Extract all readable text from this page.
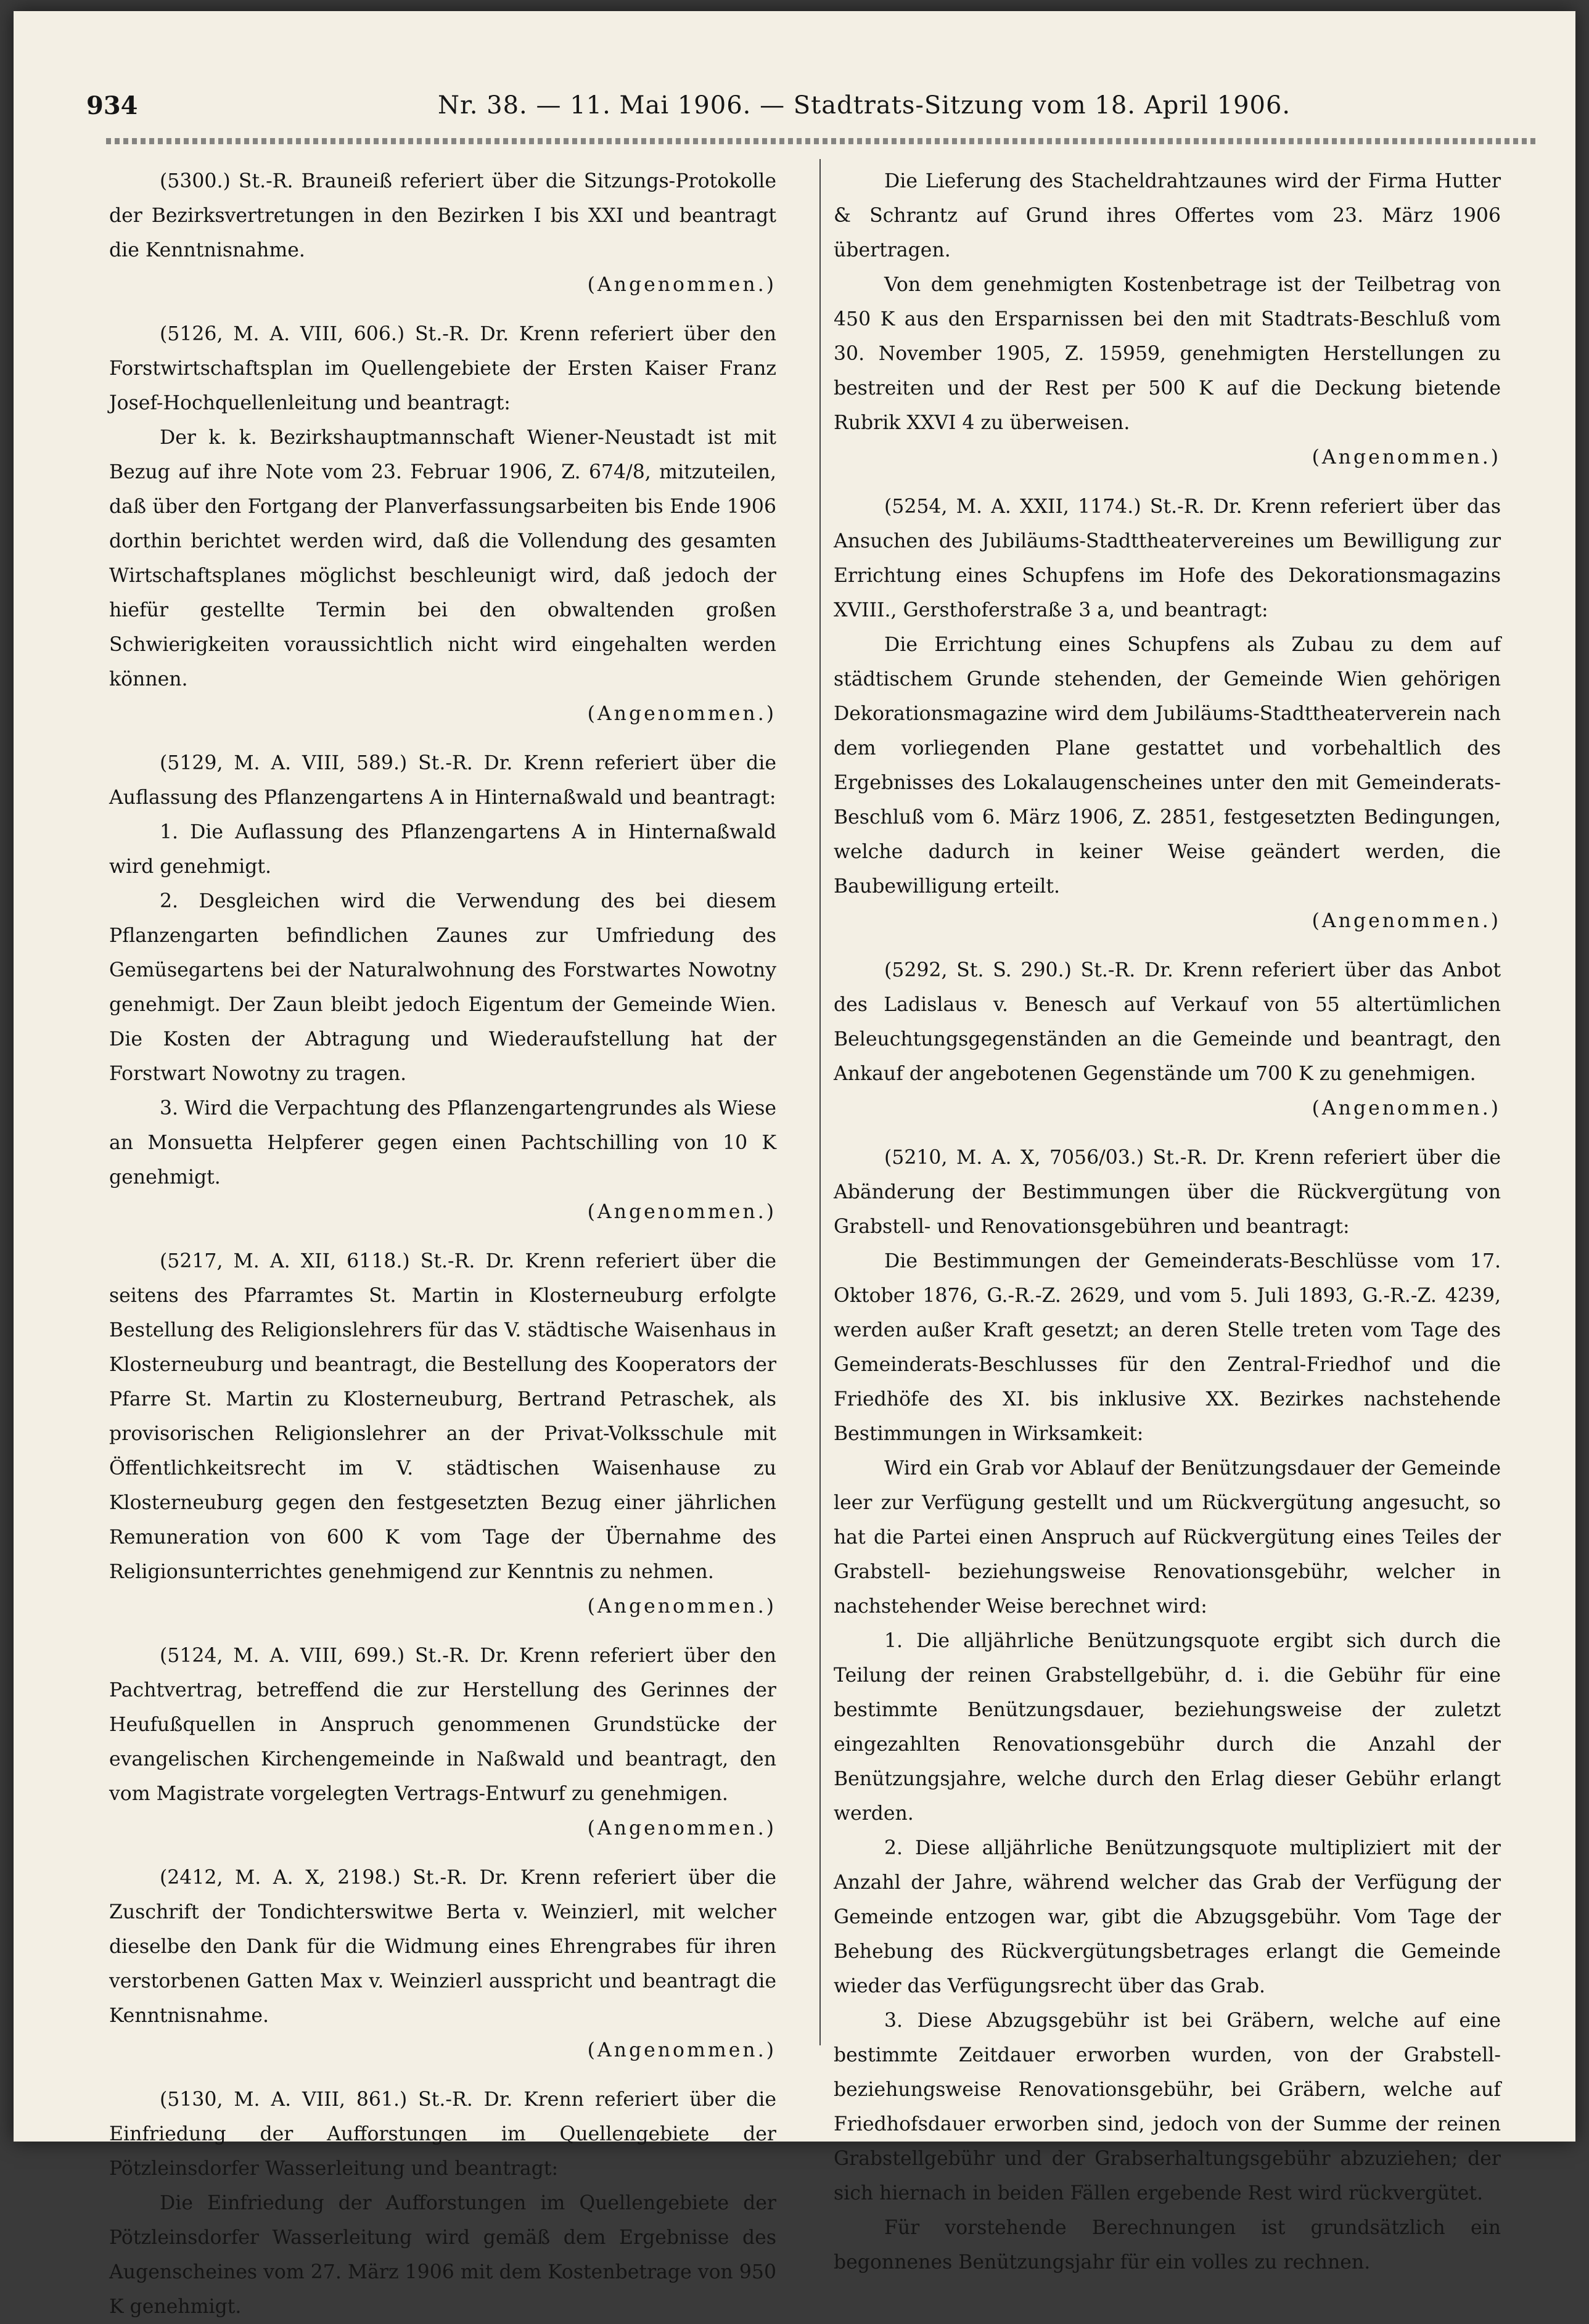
934	Nr. 38. — 11. Mai 1906. — Stadtrats-Sitzung vom 18. April 1906.

(5300.) St.-R. Brauneiß referiert über die Sitzungs-Protokolle der Bezirksvertretungen in den Bezirken I bis XXI und beantragt die Kenntnisnahme.
(Angenommen.)

(5126, M. A. VIII, 606.) St.-R. Dr. Krenn referiert über den Forstwirtschaftsplan im Quellengebiete der Ersten Kaiser Franz Josef-Hochquellenleitung und beantragt:

Der k. k. Bezirkshauptmannschaft Wiener-Neustadt ist mit Bezug auf ihre Note vom 23. Februar 1906, Z. 674/8, mitzuteilen, daß über den Fortgang der Planverfassungsarbeiten bis Ende 1906 dorthin berichtet werden wird, daß die Vollendung des gesamten Wirtschaftsplanes möglichst beschleunigt wird, daß jedoch der hiefür gestellte Termin bei den obwaltenden großen Schwierigkeiten voraussichtlich nicht wird eingehalten werden können.
(Angenommen.)

(5129, M. A. VIII, 589.) St.-R. Dr. Krenn referiert über die Auflassung des Pflanzengartens A in Hinternaßwald und beantragt:

1. Die Auflassung des Pflanzengartens A in Hinternaßwald wird genehmigt.

2. Desgleichen wird die Verwendung des bei diesem Pflanzengarten befindlichen Zaunes zur Umfriedung des Gemüsegartens bei der Naturalwohnung des Forstwartes Nowotny genehmigt. Der Zaun bleibt jedoch Eigentum der Gemeinde Wien. Die Kosten der Abtragung und Wiederaufstellung hat der Forstwart Nowotny zu tragen.

3. Wird die Verpachtung des Pflanzengartengrundes als Wiese an Monsuetta Helpferer gegen einen Pachtschilling von 10 K genehmigt.
(Angenommen.)

(5217, M. A. XII, 6118.) St.-R. Dr. Krenn referiert über die seitens des Pfarramtes St. Martin in Klosterneuburg erfolgte Bestellung des Religionslehrers für das V. städtische Waisenhaus in Klosterneuburg und beantragt, die Bestellung des Kooperators der Pfarre St. Martin zu Klosterneuburg, Bertrand Petraschek, als provisorischen Religionslehrer an der Privat-Volksschule mit Öffentlichkeitsrecht im V. städtischen Waisenhause zu Klosterneuburg gegen den festgesetzten Bezug einer jährlichen Remuneration von 600 K vom Tage der Übernahme des Religionsunterrichtes genehmigend zur Kenntnis zu nehmen.
(Angenommen.)

(5124, M. A. VIII, 699.) St.-R. Dr. Krenn referiert über den Pachtvertrag, betreffend die zur Herstellung des Gerinnes der Heufußquellen in Anspruch genommenen Grundstücke der evangelischen Kirchengemeinde in Naßwald und beantragt, den vom Magistrate vorgelegten Vertrags-Entwurf zu genehmigen.
(Angenommen.)

(2412, M. A. X, 2198.) St.-R. Dr. Krenn referiert über die Zuschrift der Tondichterswitwe Berta v. Weinzierl, mit welcher dieselbe den Dank für die Widmung eines Ehrengrabes für ihren verstorbenen Gatten Max v. Weinzierl ausspricht und beantragt die Kenntnisnahme.
(Angenommen.)

(5130, M. A. VIII, 861.) St.-R. Dr. Krenn referiert über die Einfriedung der Aufforstungen im Quellengebiete der Pötzleinsdorfer Wasserleitung und beantragt:

Die Einfriedung der Aufforstungen im Quellengebiete der Pötzleinsdorfer Wasserleitung wird gemäß dem Ergebnisse des Augenscheines vom 27. März 1906 mit dem Kostenbetrage von 950 K genehmigt.

Die Lieferung des Stacheldrahtzaunes wird der Firma Hutter & Schrantz auf Grund ihres Offertes vom 23. März 1906 übertragen.

Von dem genehmigten Kostenbetrage ist der Teilbetrag von 450 K aus den Ersparnissen bei den mit Stadtrats-Beschluß vom 30. November 1905, Z. 15959, genehmigten Herstellungen zu bestreiten und der Rest per 500 K auf die Deckung bietende Rubrik XXVI 4 zu überweisen.
(Angenommen.)

(5254, M. A. XXII, 1174.) St.-R. Dr. Krenn referiert über das Ansuchen des Jubiläums-Stadttheatervereines um Bewilligung zur Errichtung eines Schupfens im Hofe des Dekorationsmagazins XVIII., Gersthoferstraße 3 a, und beantragt:

Die Errichtung eines Schupfens als Zubau zu dem auf städtischem Grunde stehenden, der Gemeinde Wien gehörigen Dekorationsmagazine wird dem Jubiläums-Stadttheaterverein nach dem vorliegenden Plane gestattet und vorbehaltlich des Ergebnisses des Lokalaugenscheines unter den mit Gemeinderats-Beschluß vom 6. März 1906, Z. 2851, festgesetzten Bedingungen, welche dadurch in keiner Weise geändert werden, die Baubewilligung erteilt.
(Angenommen.)

(5292, St. S. 290.) St.-R. Dr. Krenn referiert über das Anbot des Ladislaus v. Benesch auf Verkauf von 55 altertümlichen Beleuchtungsgegenständen an die Gemeinde und beantragt, den Ankauf der angebotenen Gegenstände um 700 K zu genehmigen.
(Angenommen.)

(5210, M. A. X, 7056/03.) St.-R. Dr. Krenn referiert über die Abänderung der Bestimmungen über die Rückvergütung von Grabstell- und Renovationsgebühren und beantragt:

Die Bestimmungen der Gemeinderats-Beschlüsse vom 17. Oktober 1876, G.-R.-Z. 2629, und vom 5. Juli 1893, G.-R.-Z. 4239, werden außer Kraft gesetzt; an deren Stelle treten vom Tage des Gemeinderats-Beschlusses für den Zentral-Friedhof und die Friedhöfe des XI. bis inklusive XX. Bezirkes nachstehende Bestimmungen in Wirksamkeit:

Wird ein Grab vor Ablauf der Benützungsdauer der Gemeinde leer zur Verfügung gestellt und um Rückvergütung angesucht, so hat die Partei einen Anspruch auf Rückvergütung eines Teiles der Grabstell- beziehungsweise Renovationsgebühr, welcher in nachstehender Weise berechnet wird:

1. Die alljährliche Benützungsquote ergibt sich durch die Teilung der reinen Grabstellgebühr, d. i. die Gebühr für eine bestimmte Benützungsdauer, beziehungsweise der zuletzt eingezahlten Renovationsgebühr durch die Anzahl der Benützungsjahre, welche durch den Erlag dieser Gebühr erlangt werden.

2. Diese alljährliche Benützungsquote multipliziert mit der Anzahl der Jahre, während welcher das Grab der Verfügung der Gemeinde entzogen war, gibt die Abzugsgebühr. Vom Tage der Behebung des Rückvergütungsbetrages erlangt die Gemeinde wieder das Verfügungsrecht über das Grab.

3. Diese Abzugsgebühr ist bei Gräbern, welche auf eine bestimmte Zeitdauer erworben wurden, von der Grabstell- beziehungsweise Renovationsgebühr, bei Gräbern, welche auf Friedhofsdauer erworben sind, jedoch von der Summe der reinen Grabstellgebühr und der Grabserhaltungsgebühr abzuziehen; der sich hiernach in beiden Fällen ergebende Rest wird rückvergütet.

Für vorstehende Berechnungen ist grundsätzlich ein begonnenes Benützungsjahr für ein volles zu rechnen.
